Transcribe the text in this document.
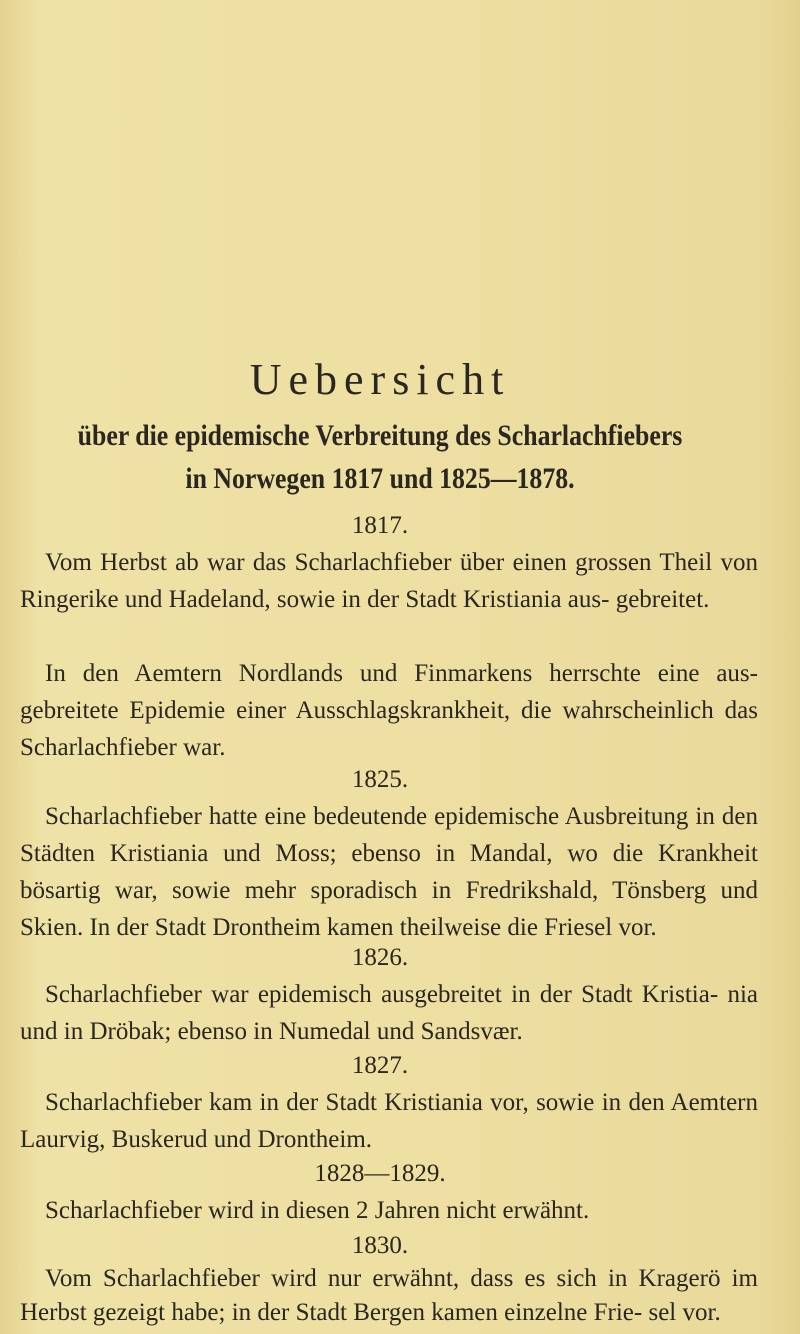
Uebersicht

über die epidemische Verbreitung des Scharlachfiebers

in Norwegen 1817 und 1825—1878.

1817.

Vom Herbst ab war das Scharlachfieber über einen grossen Theil von Ringerike und Hadeland, sowie in der Stadt Kristiania aus- gebreitet.

In den Aemtern Nordlands und Finmarkens herrschte eine aus- gebreitete Epidemie einer Ausschlagskrankheit, die wahrscheinlich das Scharlachfieber war.

1825.

Scharlachfieber hatte eine bedeutende epidemische Ausbreitung in den Städten Kristiania und Moss; ebenso in Mandal, wo die Krankheit bösartig war, sowie mehr sporadisch in Fredrikshald, Tönsberg und Skien. In der Stadt Drontheim kamen theilweise die Friesel vor.

1826.

Scharlachfieber war epidemisch ausgebreitet in der Stadt Kristia- nia und in Dröbak; ebenso in Numedal und Sandsvær.

1827.

Scharlachfieber kam in der Stadt Kristiania vor, sowie in den Aemtern Laurvig, Buskerud und Drontheim.

1828—1829.

Scharlachfieber wird in diesen 2 Jahren nicht erwähnt.

1830.

Vom Scharlachfieber wird nur erwähnt, dass es sich in Kragerö im Herbst gezeigt habe; in der Stadt Bergen kamen einzelne Frie- sel vor.
